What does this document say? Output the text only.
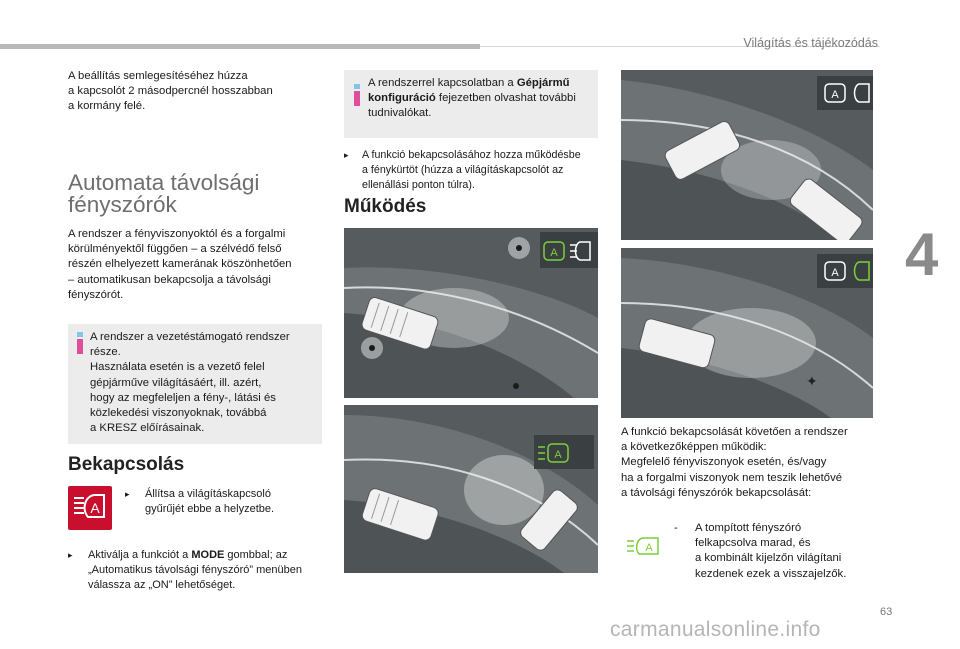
Világítás és tájékozódás
4
63
carmanualsonline.info
A beállítás semlegesítéséhez húzza
a kapcsolót 2 másodpercnél hosszabban
a kormány felé.
Automata távolsági
fényszórók
A rendszer a fényviszonyoktól és a forgalmi
körülményektől függően – a szélvédő felső
részén elhelyezett kamerának köszönhetően
– automatikusan bekapcsolja a távolsági
fényszórót.
A rendszer a vezetéstámogató rendszer
része.
Használata esetén is a vezető felel
gépjárműve világításáért, ill. azért,
hogy az megfeleljen a fény-, látási és
közlekedési viszonyoknak, továbbá
a KRESZ előírásainak.
Bekapcsolás
A
▸ Állítsa a világításkapcsoló
gyűrűjét ebbe a helyzetbe.
▸ Aktiválja a funkciót a MODE gombbal; az
„Automatikus távolsági fényszóró” menüben
válassza az „ON” lehetőséget.
A rendszerrel kapcsolatban a Gépjármű
konfiguráció fejezetben olvashat további
tudnivalókat.
▸ A funkció bekapcsolásához hozza működésbe
a fénykürtöt (húzza a világításkapcsolót az
ellenállási ponton túlra).
Működés
A
A
A
A
✦
A funkció bekapcsolását követően a rendszer
a következőképpen működik:
Megfelelő fényviszonyok esetén, és/vagy
ha a forgalmi viszonyok nem teszik lehetővé
a távolsági fényszórók bekapcsolását:
A
-	A tompított fényszóró
felkapcsolva marad, és
a kombinált kijelzőn világítani
kezdenek ezek a visszajelzők.
